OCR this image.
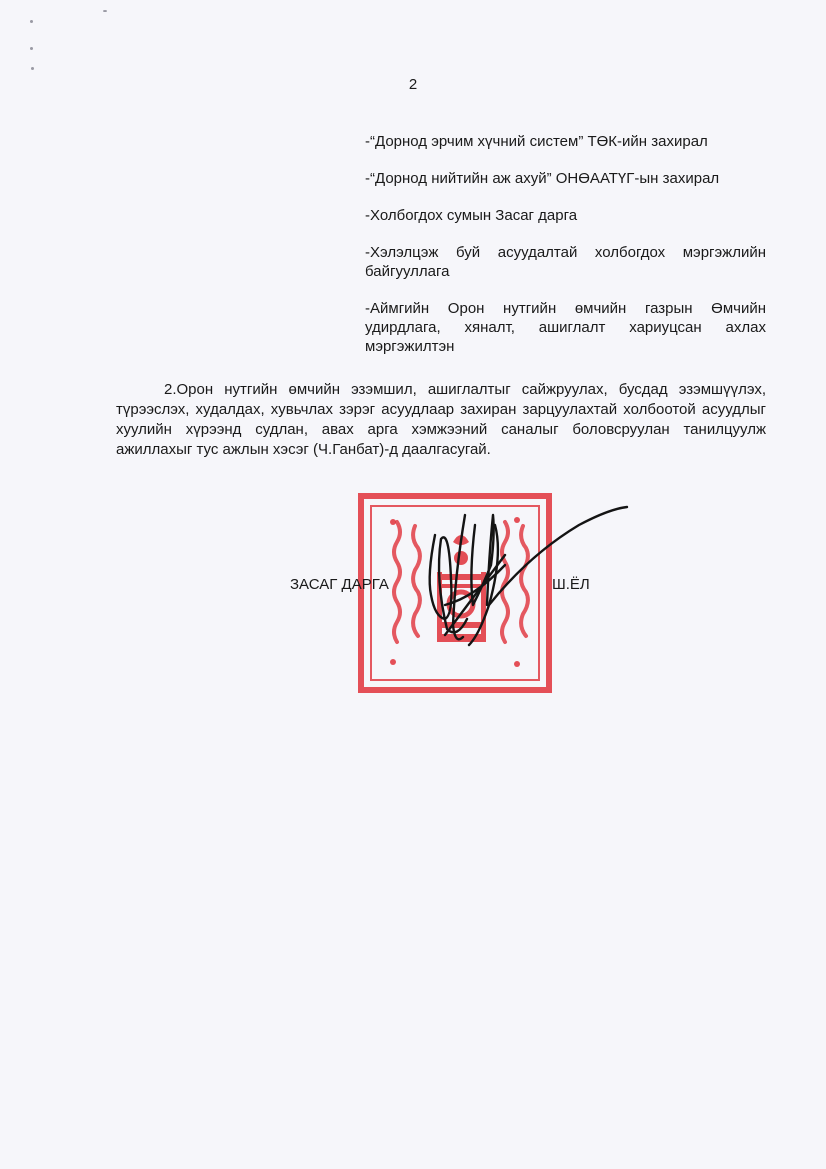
2

-“Дорнод эрчим хүчний систем” ТӨК-ийн захирал
-“Дорнод нийтийн аж ахуй” ОНӨААТҮГ-ын захирал
-Холбогдох сумын Засаг дарга
-Хэлэлцэж буй асуудалтай холбогдох мэргэжлийн байгууллага
-Аймгийн Орон нутгийн өмчийн газрын Өмчийн удирдлага, хяналт, ашиглалт хариуцсан ахлах мэргэжилтэн

2.Орон нутгийн өмчийн эзэмшил, ашиглалтыг сайжруулах, бусдад эзэмшүүлэх, түрээслэх, худалдах, хувьчлах зэрэг асуудлаар захиран зарцуулахтай холбоотой асуудлыг хуулийн хүрээнд судлан, авах арга хэмжээний саналыг боловсруулан танилцуулж ажиллахыг тус ажлын хэсэг (Ч.Ганбат)-д даалгасугай.

ЗАСАГ ДАРГА	Ш.ЁЛ
